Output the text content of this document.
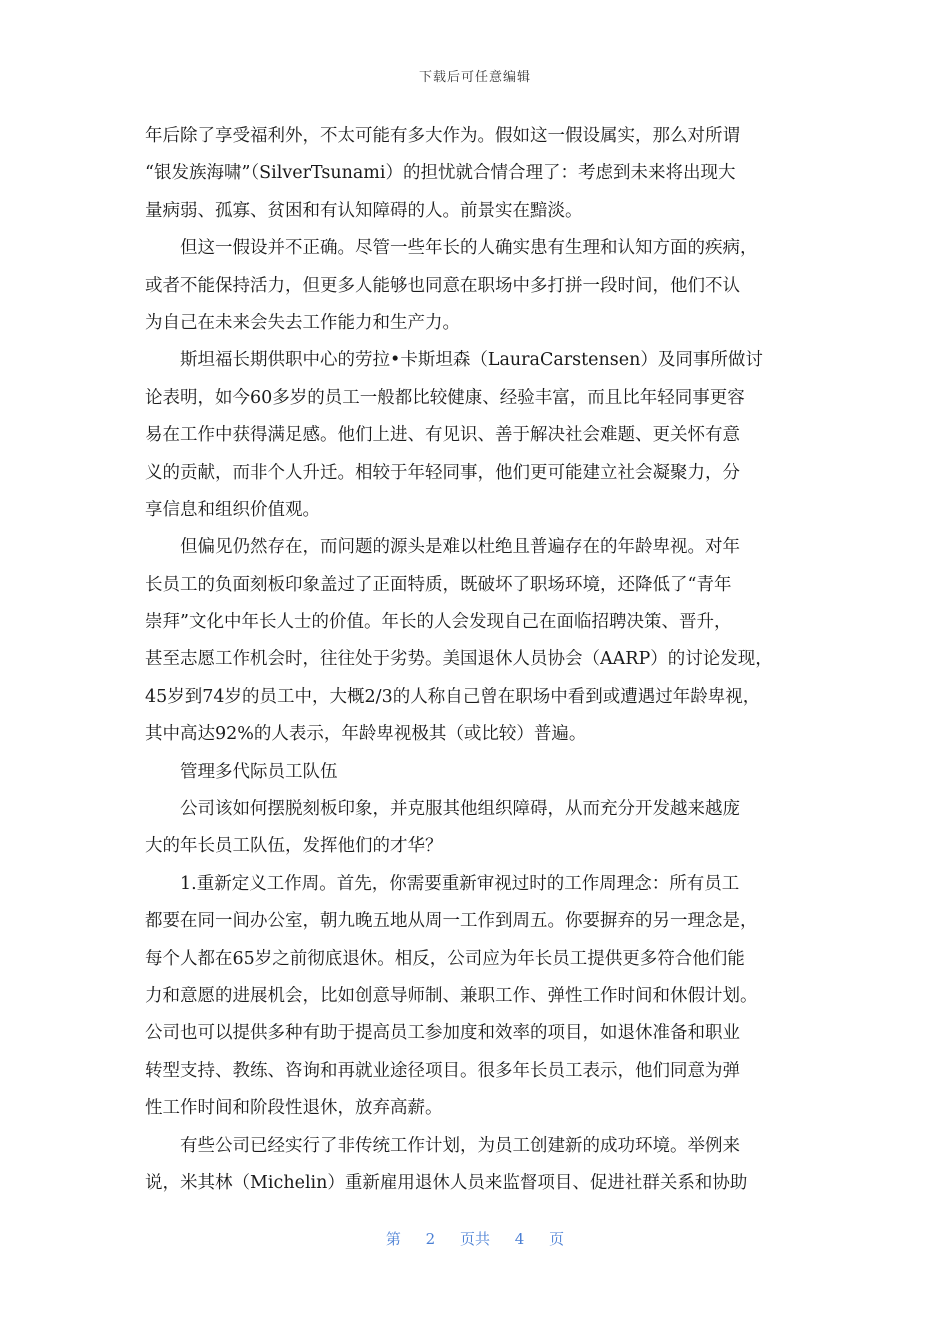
下载后可任意编辑
年后除了享受福利外，不太可能有多大作为。假如这一假设属实，那么对所谓
“银发族海啸”（SilverTsunami）的担忧就合情合理了：考虑到未来将出现大
量病弱、孤寡、贫困和有认知障碍的人。前景实在黯淡。
但这一假设并不正确。尽管一些年长的人确实患有生理和认知方面的疾病，
或者不能保持活力，但更多人能够也同意在职场中多打拼一段时间，他们不认
为自己在未来会失去工作能力和生产力。
斯坦福长期供职中心的劳拉•卡斯坦森（LauraCarstensen）及同事所做讨
论表明，如今60多岁的员工一般都比较健康、经验丰富，而且比年轻同事更容
易在工作中获得满足感。他们上进、有见识、善于解决社会难题、更关怀有意
义的贡献，而非个人升迁。相较于年轻同事，他们更可能建立社会凝聚力，分
享信息和组织价值观。
但偏见仍然存在，而问题的源头是难以杜绝且普遍存在的年龄卑视。对年
长员工的负面刻板印象盖过了正面特质，既破坏了职场环境，还降低了“青年
崇拜”文化中年长人士的价值。年长的人会发现自己在面临招聘决策、晋升，
甚至志愿工作机会时，往往处于劣势。美国退休人员协会（AARP）的讨论发现，
45岁到74岁的员工中，大概2/3的人称自己曾在职场中看到或遭遇过年龄卑视，
其中高达92%的人表示，年龄卑视极其（或比较）普遍。
管理多代际员工队伍
公司该如何摆脱刻板印象，并克服其他组织障碍，从而充分开发越来越庞
大的年长员工队伍，发挥他们的才华？
1.重新定义工作周。首先，你需要重新审视过时的工作周理念：所有员工
都要在同一间办公室，朝九晚五地从周一工作到周五。你要摒弃的另一理念是，
每个人都在65岁之前彻底退休。相反，公司应为年长员工提供更多符合他们能
力和意愿的进展机会，比如创意导师制、兼职工作、弹性工作时间和休假计划。
公司也可以提供多种有助于提高员工参加度和效率的项目，如退休准备和职业
转型支持、教练、咨询和再就业途径项目。很多年长员工表示，他们同意为弹
性工作时间和阶段性退休，放弃高薪。
有些公司已经实行了非传统工作计划，为员工创建新的成功环境。举例来
说，米其林（Michelin）重新雇用退休人员来监督项目、促进社群关系和协助
第 2 页共 4 页
